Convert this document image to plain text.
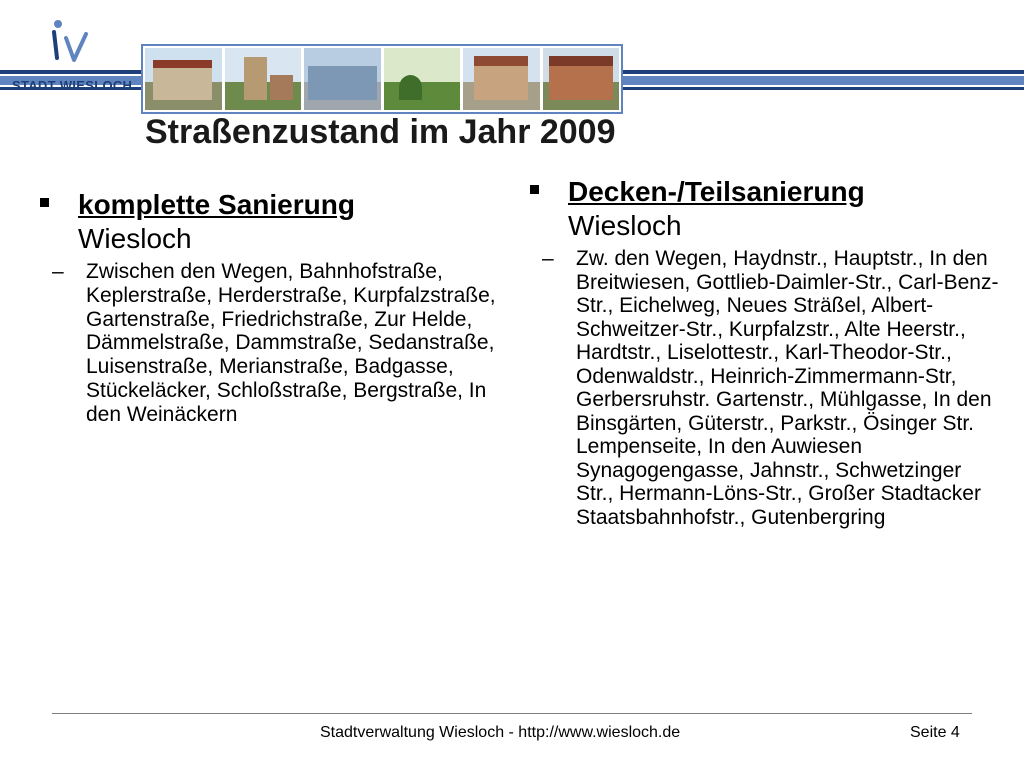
STADT WIESLOCH
Straßenzustand im Jahr 2009
komplette Sanierung
Wiesloch
– Zwischen den Wegen, Bahnhofstraße, Keplerstraße, Herderstraße, Kurpfalzstraße, Gartenstraße, Friedrichstraße, Zur Helde, Dämmelstraße, Dammstraße, Sedanstraße, Luisenstraße, Merianstraße, Badgasse, Stückeläcker, Schloßstraße, Bergstraße, In den Weinäckern
Decken-/Teilsanierung
Wiesloch
– Zw. den Wegen, Haydnstr., Hauptstr., In den Breitwiesen, Gottlieb-Daimler-Str., Carl-Benz-Str., Eichelweg, Neues Sträßel, Albert-Schweitzer-Str., Kurpfalzstr., Alte Heerstr., Hardtstr., Liselottestr., Karl-Theodor-Str., Odenwaldstr., Heinrich-Zimmermann-Str, Gerbersruhstr. Gartenstr., Mühlgasse, In den Binsgärten, Güterstr., Parkstr., Ösinger Str. Lempenseite, In den Auwiesen Synagogengasse, Jahnstr., Schwetzinger Str., Hermann-Löns-Str., Großer Stadtacker Staatsbahnhofstr., Gutenbergring
Stadtverwaltung Wiesloch - http://www.wiesloch.de	Seite 4
